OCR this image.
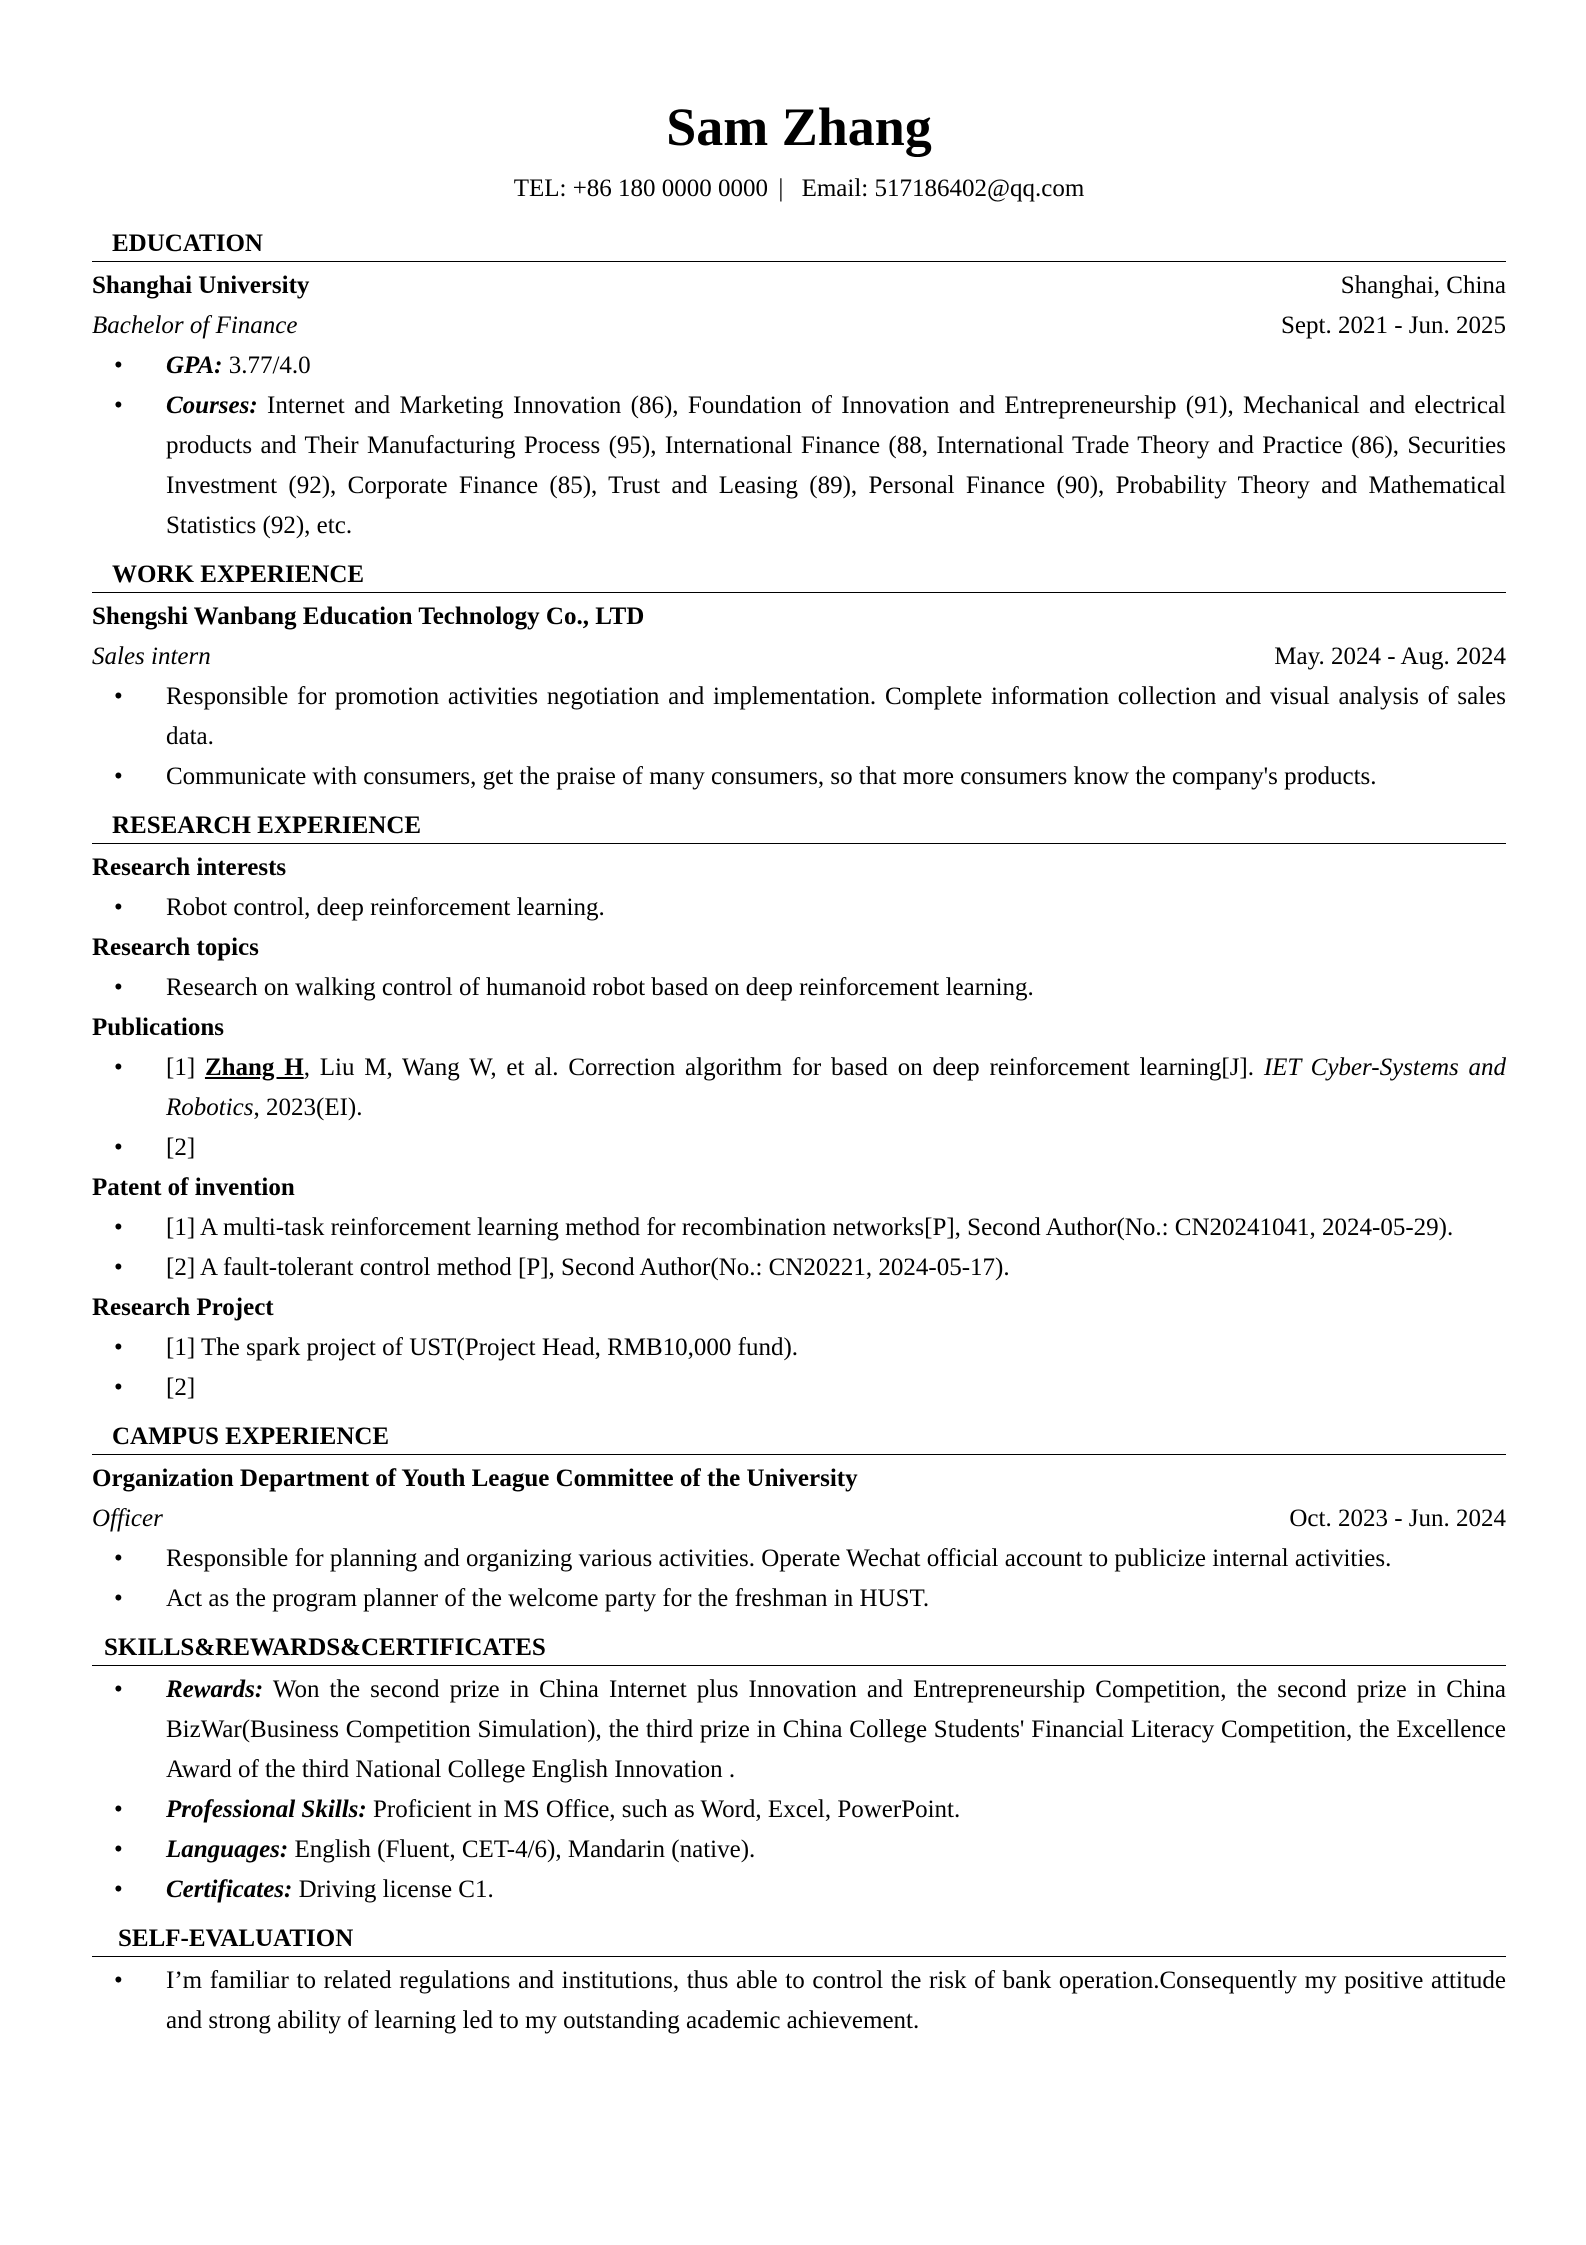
Sam Zhang
TEL: +86 180 0000 0000 | Email: 517186402@qq.com
EDUCATION
Shanghai University	Shanghai, China
Bachelor of Finance	Sept. 2021 - Jun. 2025
• GPA: 3.77/4.0
• Courses: Internet and Marketing Innovation (86), Foundation of Innovation and Entrepreneurship (91), Mechanical and electrical products and Their Manufacturing Process (95), International Finance (88, International Trade Theory and Practice (86), Securities Investment (92), Corporate Finance (85), Trust and Leasing (89), Personal Finance (90), Probability Theory and Mathematical Statistics (92), etc.
WORK EXPERIENCE
Shengshi Wanbang Education Technology Co., LTD
Sales intern	May. 2024 - Aug. 2024
• Responsible for promotion activities negotiation and implementation. Complete information collection and visual analysis of sales data.
• Communicate with consumers, get the praise of many consumers, so that more consumers know the company's products.
RESEARCH EXPERIENCE
Research interests
• Robot control, deep reinforcement learning.
Research topics
• Research on walking control of humanoid robot based on deep reinforcement learning.
Publications
• [1] Zhang H, Liu M, Wang W, et al. Correction algorithm for based on deep reinforcement learning[J]. IET Cyber-Systems and Robotics, 2023(EI).
• [2]
Patent of invention
• [1] A multi-task reinforcement learning method for recombination networks[P], Second Author(No.: CN20241041, 2024-05-29).
• [2] A fault-tolerant control method [P], Second Author(No.: CN20221, 2024-05-17).
Research Project
• [1] The spark project of UST(Project Head, RMB10,000 fund).
• [2]
CAMPUS EXPERIENCE
Organization Department of Youth League Committee of the University
Officer	Oct. 2023 - Jun. 2024
• Responsible for planning and organizing various activities. Operate Wechat official account to publicize internal activities.
• Act as the program planner of the welcome party for the freshman in HUST.
SKILLS&REWARDS&CERTIFICATES
• Rewards: Won the second prize in China Internet plus Innovation and Entrepreneurship Competition, the second prize in China BizWar(Business Competition Simulation), the third prize in China College Students' Financial Literacy Competition, the Excellence Award of the third National College English Innovation .
• Professional Skills: Proficient in MS Office, such as Word, Excel, PowerPoint.
• Languages: English (Fluent, CET-4/6), Mandarin (native).
• Certificates: Driving license C1.
SELF-EVALUATION
• I’m familiar to related regulations and institutions, thus able to control the risk of bank operation.Consequently my positive attitude and strong ability of learning led to my outstanding academic achievement.
